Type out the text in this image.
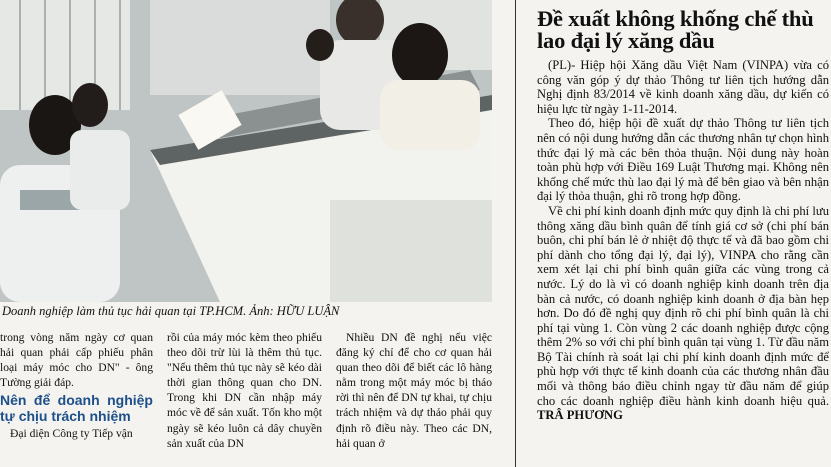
Doanh nghiệp làm thủ tục hải quan tại TP.HCM. Ảnh: HỮU LUẬN

trong vòng năm ngày cơ quan hải quan phải cấp phiếu phân loại máy móc cho DN" - ông Tường giải đáp.

Nên để doanh nghiệp tự chịu trách nhiệm

Đại diện Công ty Tiếp vận

rồi của máy móc kèm theo phiếu theo dõi trừ lùi là thêm thủ tục. "Nếu thêm thủ tục này sẽ kéo dài thời gian thông quan cho DN. Trong khi DN cần nhập máy móc về để sản xuất. Tốn kho một ngày sẽ kéo luôn cả dây chuyền sản xuất của DN

Nhiều DN đề nghị nếu việc đăng ký chỉ để cho cơ quan hải quan theo dõi để biết các lô hàng nằm trong một máy móc bị tháo rời thì nên để DN tự khai, tự chịu trách nhiệm và dự thảo phải quy định rõ điều này. Theo các DN, hải quan ở

Đề xuất không khống chế thù lao đại lý xăng dầu

(PL)- Hiệp hội Xăng dầu Việt Nam (VINPA) vừa có công văn góp ý dự thảo Thông tư liên tịch hướng dẫn Nghị định 83/2014 về kinh doanh xăng dầu, dự kiến có hiệu lực từ ngày 1-11-2014.

Theo đó, hiệp hội đề xuất dự thảo Thông tư liên tịch nên có nội dung hướng dẫn các thương nhân tự chọn hình thức đại lý mà các bên thỏa thuận. Nội dung này hoàn toàn phù hợp với Điều 169 Luật Thương mại. Không nên khống chế mức thù lao đại lý mà để bên giao và bên nhận đại lý thỏa thuận, ghi rõ trong hợp đồng.

Về chi phí kinh doanh định mức quy định là chi phí lưu thông xăng dầu bình quân để tính giá cơ sở (chi phí bán buôn, chi phí bán lẻ ở nhiệt độ thực tế và đã bao gồm chi phí dành cho tổng đại lý, đại lý), VINPA cho rằng cần xem xét lại chi phí bình quân giữa các vùng trong cả nước. Lý do là vì có doanh nghiệp kinh doanh trên địa bàn cả nước, có doanh nghiệp kinh doanh ở địa bàn hẹp hơn. Do đó đề nghị quy định rõ chi phí bình quân là chi phí tại vùng 1. Còn vùng 2 các doanh nghiệp được cộng thêm 2% so với chi phí bình quân tại vùng 1. Từ đầu năm Bộ Tài chính rà soát lại chi phí kinh doanh định mức để phù hợp với thực tế kinh doanh của các thương nhân đầu mối và thông báo điều chỉnh ngay từ đầu năm để giúp cho các doanh nghiệp điều hành kinh doanh hiệu quả. TRÂ PHƯƠNG
